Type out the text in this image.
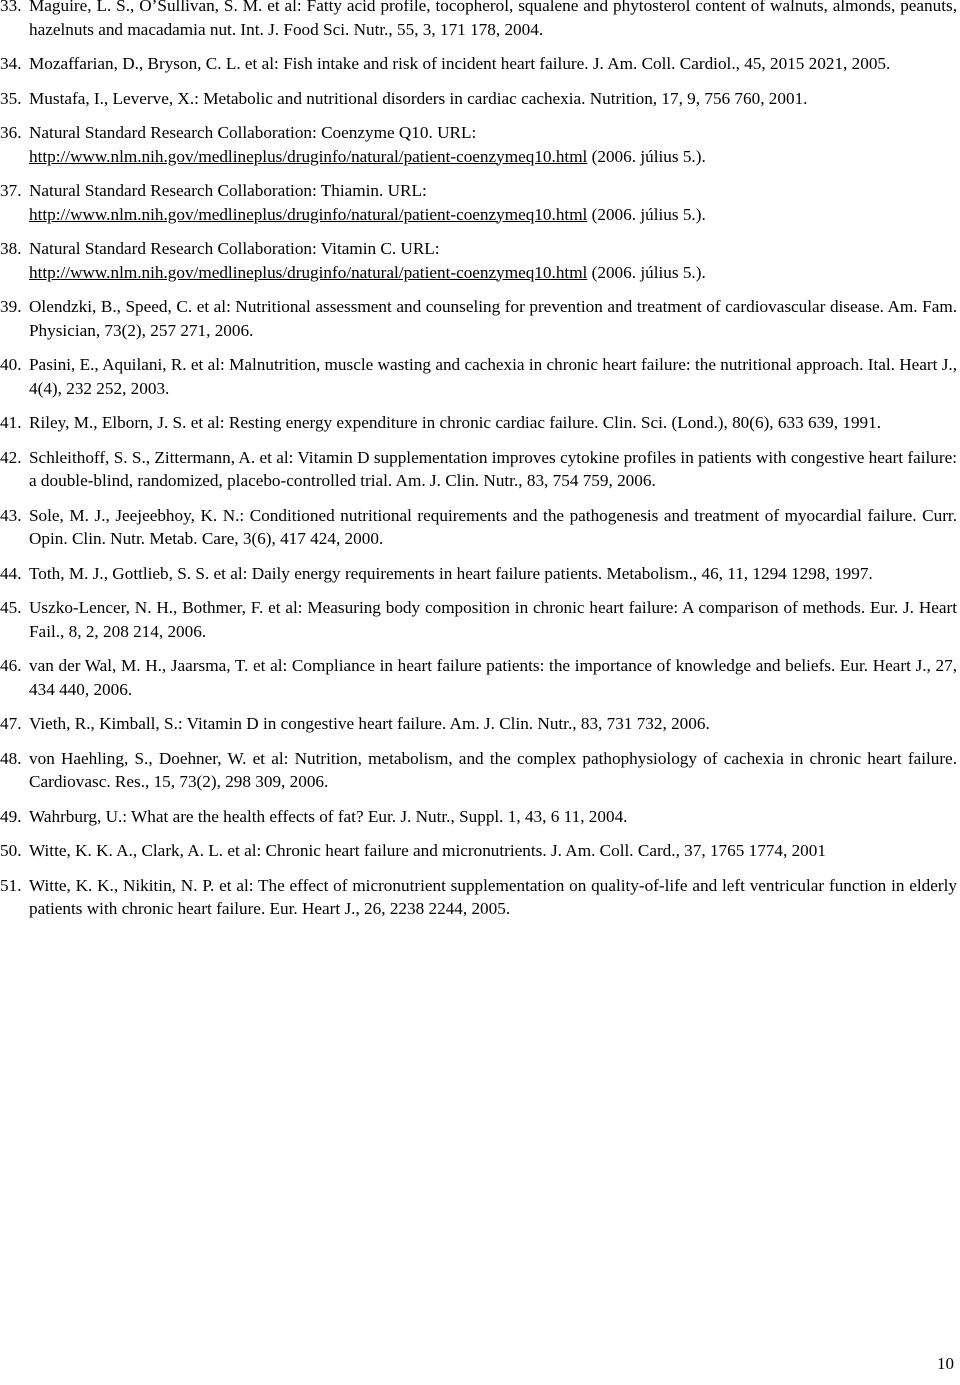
33. Maguire, L. S., O’Sullivan, S. M. et al: Fatty acid profile, tocopherol, squalene and phytosterol content of walnuts, almonds, peanuts, hazelnuts and macadamia nut. Int. J. Food Sci. Nutr., 55, 3, 171 178, 2004.
34. Mozaffarian, D., Bryson, C. L. et al: Fish intake and risk of incident heart failure. J. Am. Coll. Cardiol., 45, 2015 2021, 2005.
35. Mustafa, I., Leverve, X.: Metabolic and nutritional disorders in cardiac cachexia. Nutrition, 17, 9, 756 760, 2001.
36. Natural Standard Research Collaboration: Coenzyme Q10. URL:
http://www.nlm.nih.gov/medlineplus/druginfo/natural/patient-coenzymeq10.html (2006. július 5.).
37. Natural Standard Research Collaboration: Thiamin. URL:
http://www.nlm.nih.gov/medlineplus/druginfo/natural/patient-coenzymeq10.html (2006. július 5.).
38. Natural Standard Research Collaboration: Vitamin C. URL:
http://www.nlm.nih.gov/medlineplus/druginfo/natural/patient-coenzymeq10.html (2006. július 5.).
39. Olendzki, B., Speed, C. et al: Nutritional assessment and counseling for prevention and treatment of cardiovascular disease. Am. Fam. Physician, 73(2), 257 271, 2006.
40. Pasini, E., Aquilani, R. et al: Malnutrition, muscle wasting and cachexia in chronic heart failure: the nutritional approach. Ital. Heart J., 4(4), 232 252, 2003.
41. Riley, M., Elborn, J. S. et al: Resting energy expenditure in chronic cardiac failure. Clin. Sci. (Lond.), 80(6), 633 639, 1991.
42. Schleithoff, S. S., Zittermann, A. et al: Vitamin D supplementation improves cytokine profiles in patients with congestive heart failure: a double-blind, randomized, placebo-controlled trial. Am. J. Clin. Nutr., 83, 754 759, 2006.
43. Sole, M. J., Jeejeebhoy, K. N.: Conditioned nutritional requirements and the pathogenesis and treatment of myocardial failure. Curr. Opin. Clin. Nutr. Metab. Care, 3(6), 417 424, 2000.
44. Toth, M. J., Gottlieb, S. S. et al: Daily energy requirements in heart failure patients. Metabolism., 46, 11, 1294 1298, 1997.
45. Uszko-Lencer, N. H., Bothmer, F. et al: Measuring body composition in chronic heart failure: A comparison of methods. Eur. J. Heart Fail., 8, 2, 208 214, 2006.
46. van der Wal, M. H., Jaarsma, T. et al: Compliance in heart failure patients: the importance of knowledge and beliefs. Eur. Heart J., 27, 434 440, 2006.
47. Vieth, R., Kimball, S.: Vitamin D in congestive heart failure. Am. J. Clin. Nutr., 83, 731 732, 2006.
48. von Haehling, S., Doehner, W. et al: Nutrition, metabolism, and the complex pathophysiology of cachexia in chronic heart failure. Cardiovasc. Res., 15, 73(2), 298 309, 2006.
49. Wahrburg, U.: What are the health effects of fat? Eur. J. Nutr., Suppl. 1, 43, 6 11, 2004.
50. Witte, K. K. A., Clark, A. L. et al: Chronic heart failure and micronutrients. J. Am. Coll. Card., 37, 1765 1774, 2001
51. Witte, K. K., Nikitin, N. P. et al: The effect of micronutrient supplementation on quality-of-life and left ventricular function in elderly patients with chronic heart failure. Eur. Heart J., 26, 2238 2244, 2005.
10
